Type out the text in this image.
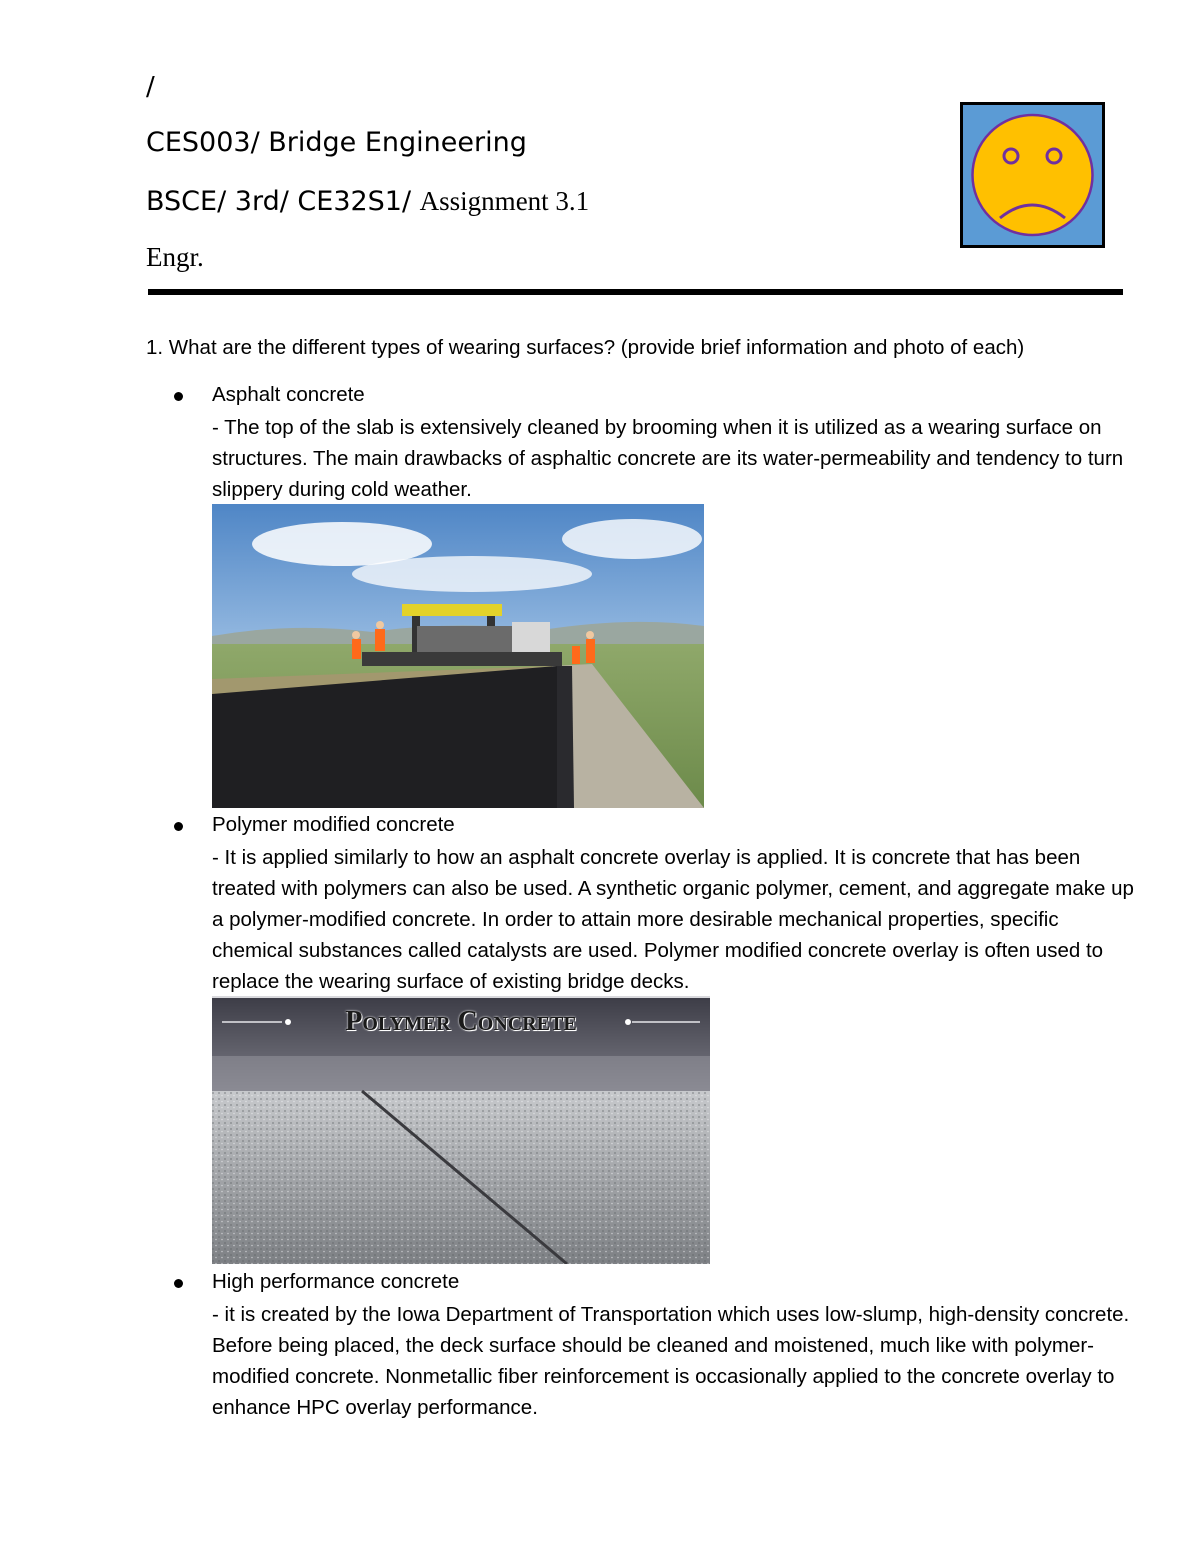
/
CES003/ Bridge Engineering
BSCE/ 3rd/ CE32S1/ Assignment 3.1
Engr.
1. What are the different types of wearing surfaces? (provide brief information and photo of each)
Asphalt concrete
- The top of the slab is extensively cleaned by brooming when it is utilized as a wearing surface on structures. The main drawbacks of asphaltic concrete are its water-permeability and tendency to turn slippery during cold weather.
Polymer modified concrete
- It is applied similarly to how an asphalt concrete overlay is applied. It is concrete that has been treated with polymers can also be used. A synthetic organic polymer, cement, and aggregate make up a polymer-modified concrete. In order to attain more desirable mechanical properties, specific chemical substances called catalysts are used. Polymer modified concrete overlay is often used to replace the wearing surface of existing bridge decks.
Polymer Concrete
High performance concrete
- it is created by the Iowa Department of Transportation which uses low-slump, high-density concrete. Before being placed, the deck surface should be cleaned and moistened, much like with polymer-modified concrete. Nonmetallic fiber reinforcement is occasionally applied to the concrete overlay to enhance HPC overlay performance.
